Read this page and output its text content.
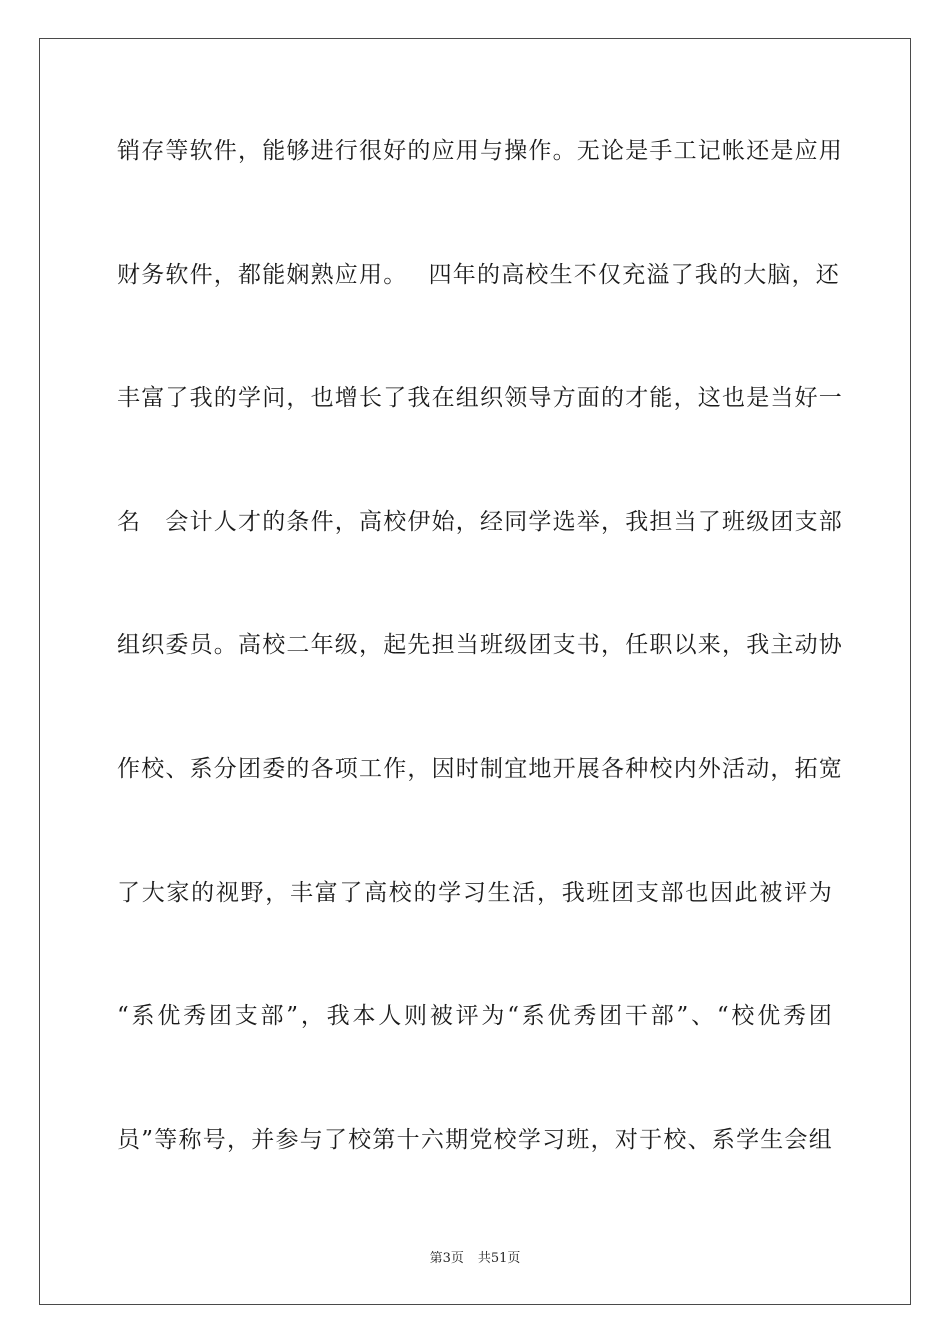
销存等软件，能够进行很好的应用与操作。无论是手工记帐还是应用
财务软件，都能娴熟应用。　 四年的高校生不仅充溢了我的大脑，还
丰富了我的学问，也增长了我在组织领导方面的才能，这也是当好一
名　会计人才的条件，高校伊始，经同学选举，我担当了班级团支部
组织委员。高校二年级，起先担当班级团支书，任职以来，我主动协
作校、系分团委的各项工作，因时制宜地开展各种校内外活动，拓宽
了大家的视野，丰富了高校的学习生活，我班团支部也因此被评为
“系优秀团支部”，我本人则被评为“系优秀团干部”、“校优秀团
员”等称号，并参与了校第十六期党校学习班，对于校、系学生会组
第3页 共51页
